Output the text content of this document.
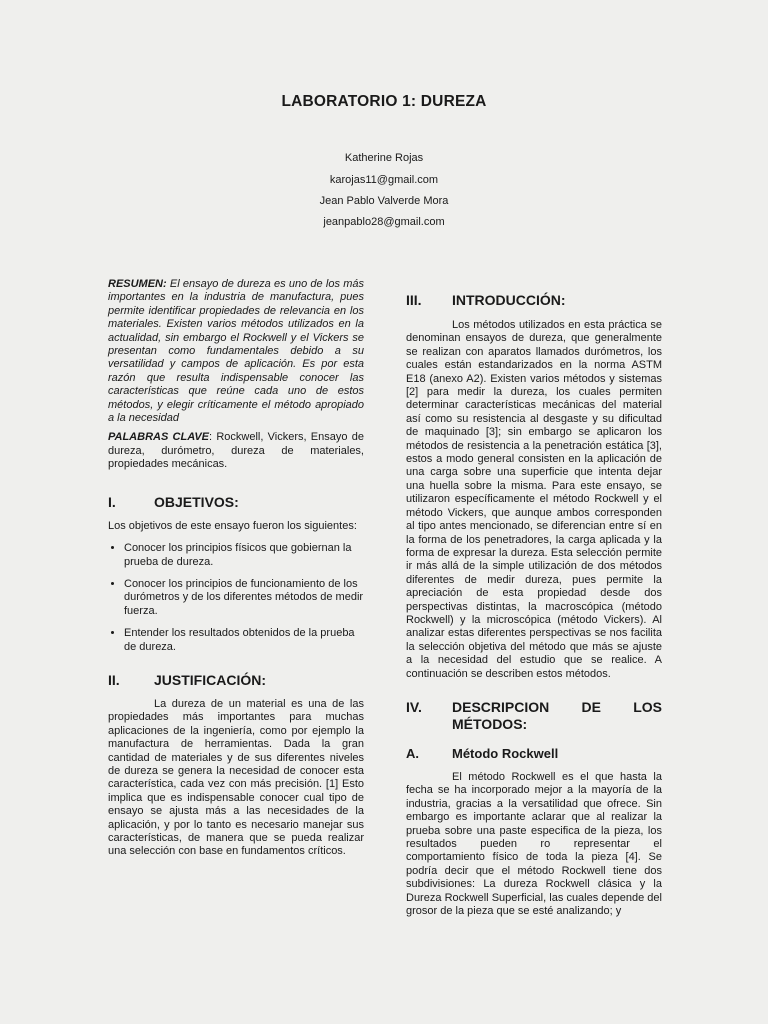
LABORATORIO 1: DUREZA
Katherine Rojas
karojas11@gmail.com
Jean Pablo Valverde Mora
jeanpablo28@gmail.com

RESUMEN: El ensayo de dureza es uno de los más importantes en la industria de manufactura, pues permite identificar propiedades de relevancia en los materiales. Existen varios métodos utilizados en la actualidad, sin embargo el Rockwell y el Vickers se presentan como fundamentales debido a su versatilidad y campos de aplicación. Es por esta razón que resulta indispensable conocer las características que reúne cada uno de estos métodos, y elegir críticamente el método apropiado a la necesidad

PALABRAS CLAVE: Rockwell, Vickers, Ensayo de dureza, durómetro, dureza de materiales, propiedades mecánicas.

I.	OBJETIVOS:

Los objetivos de este ensayo fueron los siguientes:

• Conocer los principios físicos que gobiernan la prueba de dureza.
• Conocer los principios de funcionamiento de los durómetros y de los diferentes métodos de medir fuerza.
• Entender los resultados obtenidos de la prueba de dureza.
II.	JUSTIFICACIÓN:

La dureza de un material es una de las propiedades más importantes para muchas aplicaciones de la ingeniería, como por ejemplo la manufactura de herramientas. Dada la gran cantidad de materiales y de sus diferentes niveles de dureza se genera la necesidad de conocer esta característica, cada vez con más precisión. [1] Esto implica que es indispensable conocer cual tipo de ensayo se ajusta más a las necesidades de la aplicación, y por lo tanto es necesario manejar sus características, de manera que se pueda realizar una selección con base en fundamentos críticos.

III.	INTRODUCCIÓN:

Los métodos utilizados en esta práctica se denominan ensayos de dureza, que generalmente se realizan con aparatos llamados durómetros, los cuales están estandarizados en la norma ASTM E18 (anexo A2). Existen varios métodos y sistemas [2] para medir la dureza, los cuales permiten determinar características mecánicas del material así como su resistencia al desgaste y su dificultad de maquinado [3]; sin embargo se aplicaron los métodos de resistencia a la penetración estática [3], estos a modo general consisten en la aplicación de una carga sobre una superficie que intenta dejar una huella sobre la misma. Para este ensayo, se utilizaron específicamente el método Rockwell y el método Vickers, que aunque ambos corresponden al tipo antes mencionado, se diferencian entre sí en la forma de los penetradores, la carga aplicada y la forma de expresar la dureza. Esta selección permite ir más allá de la simple utilización de dos métodos diferentes de medir dureza, pues permite la apreciación de esta propiedad desde dos perspectivas distintas, la macroscópica (método Rockwell) y la microscópica (método Vickers). Al analizar estas diferentes perspectivas se nos facilita la selección objetiva del método que más se ajuste a la necesidad del estudio que se realice. A continuación se describen estos métodos.

IV.	DESCRIPCION DE LOS
MÉTODOS:
A.	Método Rockwell

El método Rockwell es el que hasta la fecha se ha incorporado mejor a la mayoría de la industria, gracias a la versatilidad que ofrece. Sin embargo es importante aclarar que al realizar la prueba sobre una paste especifica de la pieza, los resultados pueden ro representar el comportamiento físico de toda la pieza [4]. Se podría decir que el método Rockwell tiene dos subdivisiones: La dureza Rockwell clásica y la Dureza Rockwell Superficial, las cuales depende del grosor de la pieza que se esté analizando; y
